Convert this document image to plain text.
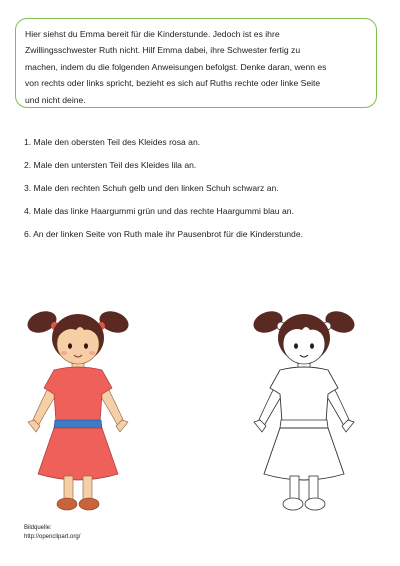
Hier siehst du Emma bereit für die Kinderstunde. Jedoch ist es ihre
Zwillingsschwester Ruth nicht. Hilf Emma dabei, ihre Schwester fertig zu
machen, indem du die folgenden Anweisungen befolgst. Denke daran, wenn es
von rechts oder links spricht, bezieht es sich auf Ruths rechte oder linke Seite
und nicht deine.
1. Male den obersten Teil des Kleides rosa an.
2. Male den untersten Teil des Kleides lila an.
3. Male den rechten Schuh gelb und den linken Schuh schwarz an.
4. Male das linke Haargummi grün und das rechte Haargummi blau an.
6. An der linken Seite von Ruth male ihr Pausenbrot für die Kinderstunde.
Bildquelle:
http://openclipart.org/
